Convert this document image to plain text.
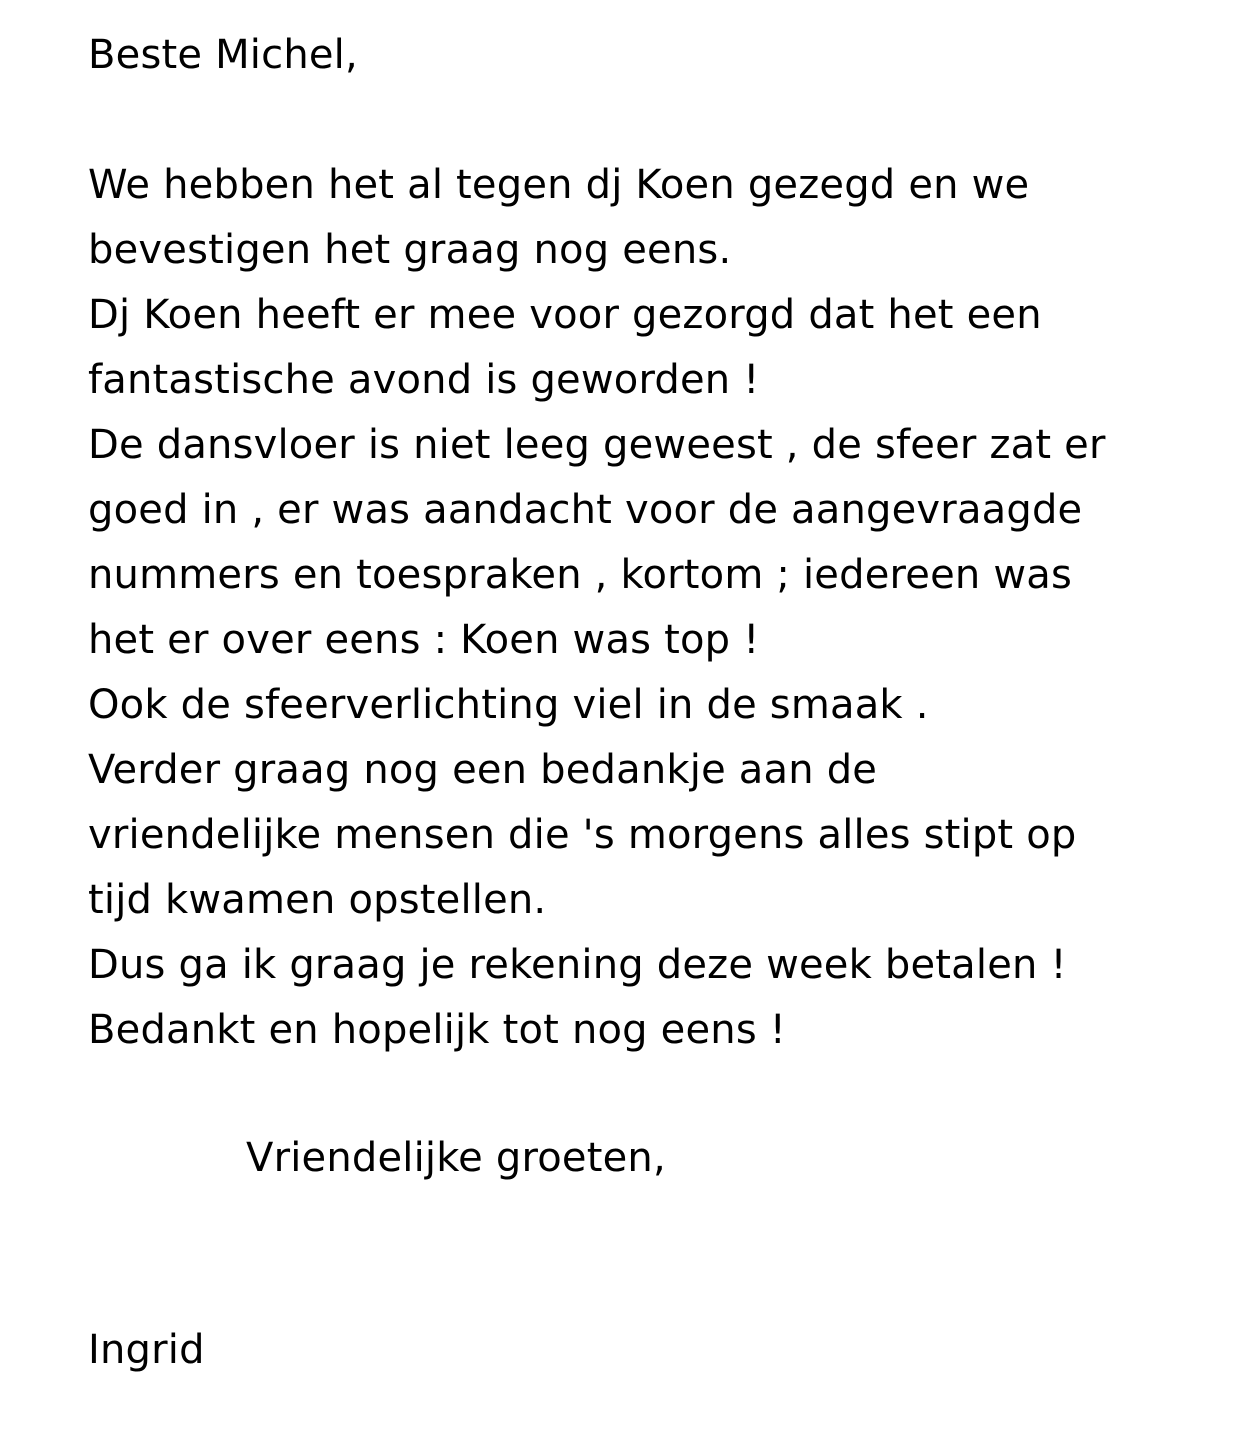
Beste Michel,
We hebben het al tegen dj Koen gezegd en we
bevestigen het graag nog eens.
Dj Koen heeft er mee voor gezorgd dat het een
fantastische avond is geworden !
De dansvloer is niet leeg geweest , de sfeer zat er
goed in , er was aandacht voor de aangevraagde
nummers en toespraken , kortom ; iedereen was
het er over eens : Koen was top !
Ook de sfeerverlichting viel in de smaak .
Verder graag nog een bedankje aan de
vriendelijke mensen die 's morgens alles stipt op
tijd kwamen opstellen.
Dus ga ik graag je rekening deze week betalen !
Bedankt en hopelijk tot nog eens !
Vriendelijke groeten,
Ingrid
